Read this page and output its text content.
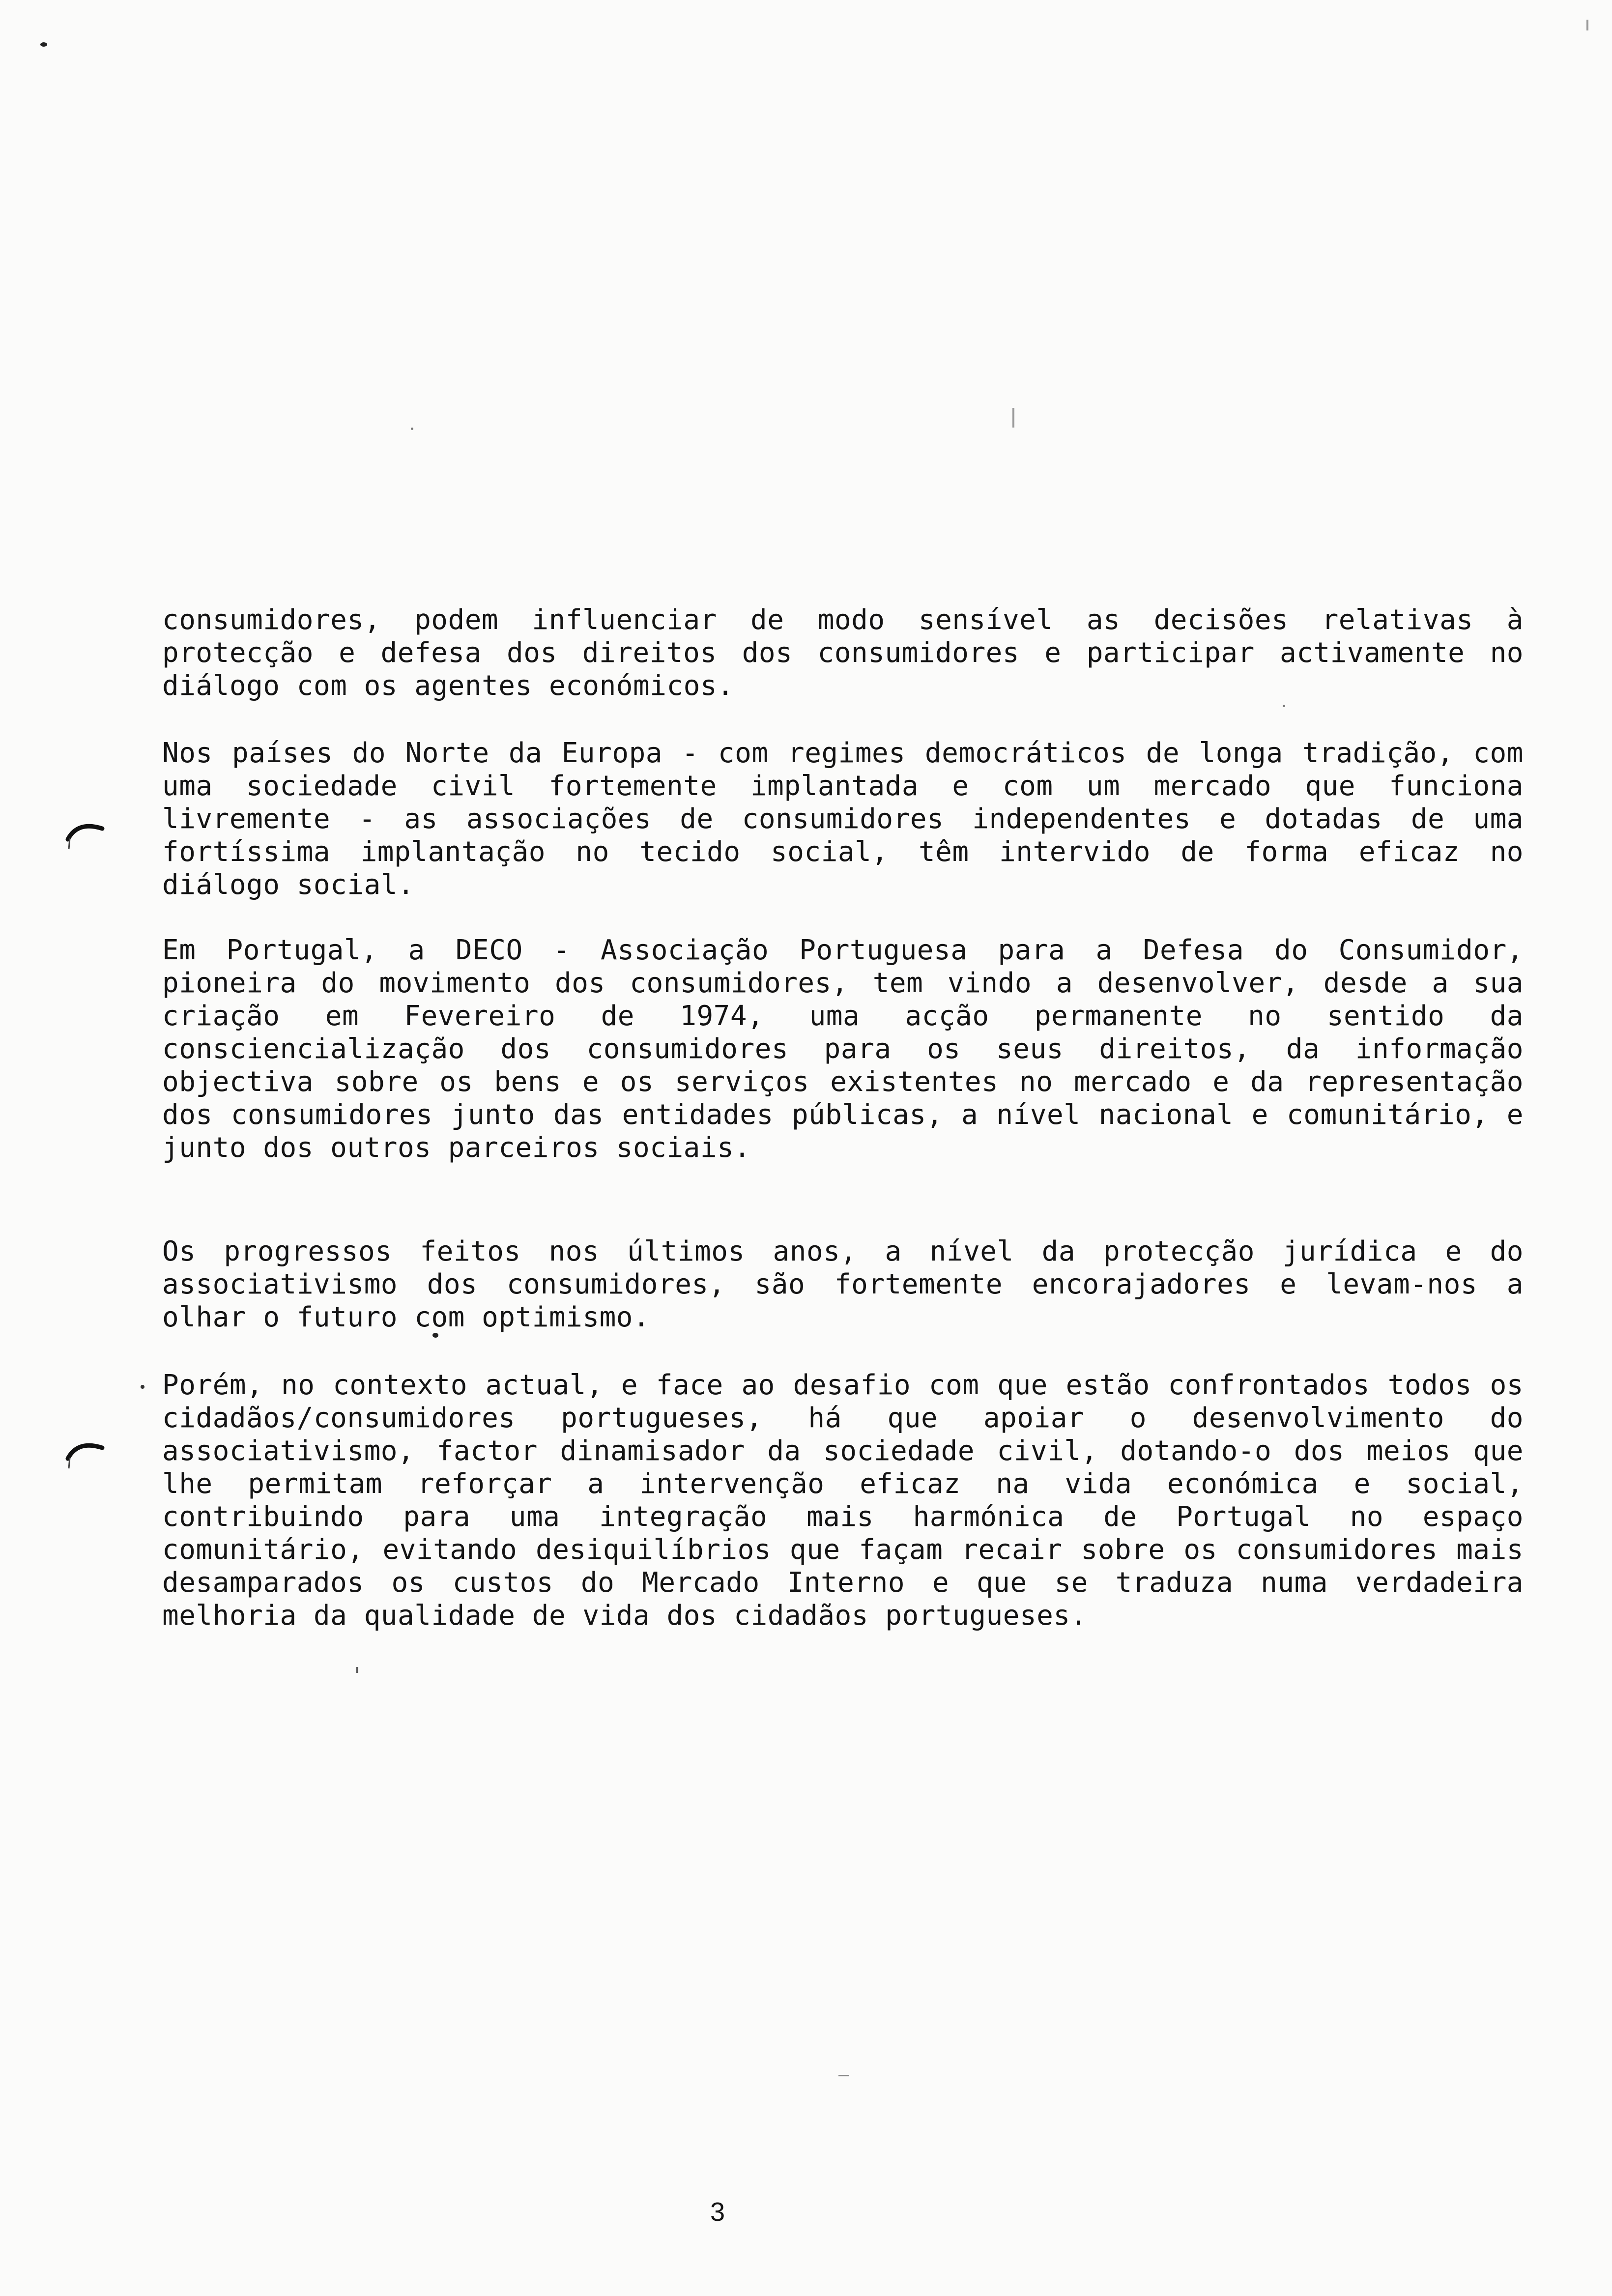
consumidores, podem influenciar de modo sensível as decisões relativas à protecção e defesa dos direitos dos consumidores e participar activamente no diálogo com os agentes económicos.

Nos países do Norte da Europa - com regimes democráticos de longa tradição, com uma sociedade civil fortemente implantada e com um mercado que funciona livremente - as associações de consumidores independentes e dotadas de uma fortíssima implantação no tecido social, têm intervido de forma eficaz no diálogo social.

Em Portugal, a DECO - Associação Portuguesa para a Defesa do Consumidor, pioneira do movimento dos consumidores, tem vindo a desenvolver, desde a sua criação em Fevereiro de 1974, uma acção permanente no sentido da consciencialização dos consumidores para os seus direitos, da informação objectiva sobre os bens e os serviços existentes no mercado e da representação dos consumidores junto das entidades públicas, a nível nacional e comunitário, e junto dos outros parceiros sociais.

Os progressos feitos nos últimos anos, a nível da protecção jurídica e do associativismo dos consumidores, são fortemente encorajadores e levam-nos a olhar o futuro com optimismo.

Porém, no contexto actual, e face ao desafio com que estão confrontados todos os cidadãos/consumidores portugueses, há que apoiar o desenvolvimento do associativismo, factor dinamisador da sociedade civil, dotando-o dos meios que lhe permitam reforçar a intervenção eficaz na vida económica e social, contribuindo para uma integração mais harmónica de Portugal no espaço comunitário, evitando desiquilíbrios que façam recair sobre os consumidores mais desamparados os custos do Mercado Interno e que se traduza numa verdadeira melhoria da qualidade de vida dos cidadãos portugueses.

3
